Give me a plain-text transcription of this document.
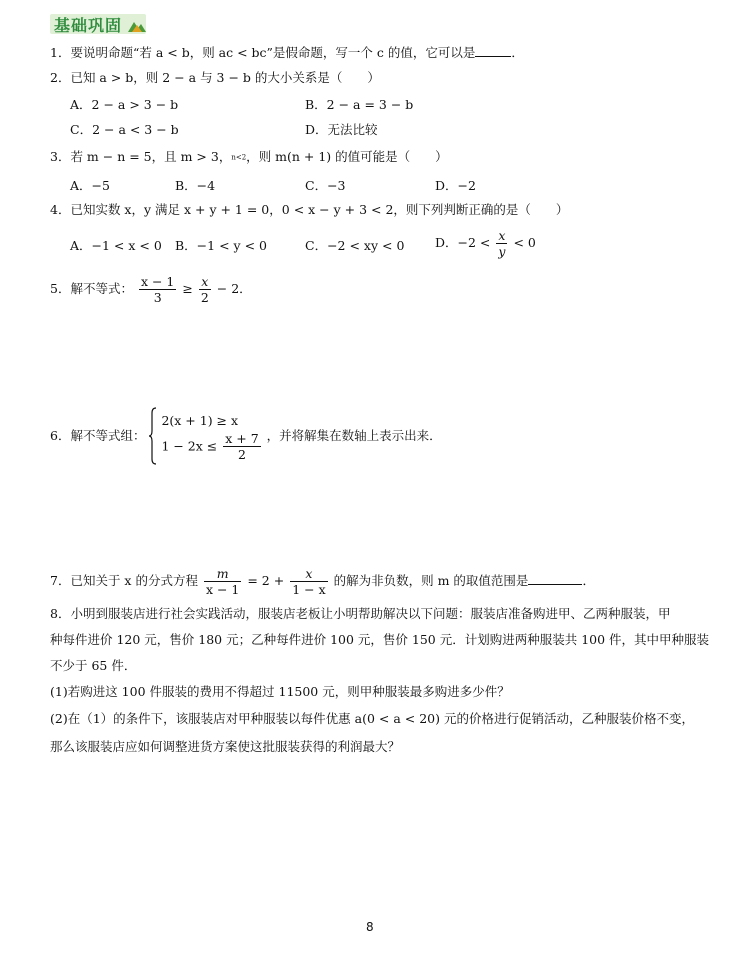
基础巩固
1．要说明命题“若 a < b，则 ac < bc”是假命题，写一个 c 的值，它可以是	．
2．已知 a > b，则 2 − a 与 3 − b 的大小关系是（　　）
A．2 − a > 3 − b	B．2 − a = 3 − b
C．2 − a < 3 − b	D．无法比较
3．若 m − n = 5，且 m > 3，n<2，则 m(n + 1) 的值可能是（　　）
A．−5	B．−4	C．−3	D．−2
4．已知实数 x，y 满足 x + y + 1 = 0，0 < x − y + 3 < 2，则下列判断正确的是（　　）
A．−1 < x < 0 B．−1 < y < 0	C．−2 < xy < 0 D．$-2 < \frac{x}{y} < 0$
5．解不等式： $\frac{x - 1}{3} \ge \frac{x}{2} - 2$．
6．解不等式组：
2(x + 1) ≥ x
$1 - 2x \le \frac{x + 7}{2}$ ，并将解集在数轴上表示出来．
7．已知关于 x 的分式方程 $\frac{m}{x - 1} = 2 + \frac{x}{1 - x}$ 的解为非负数，则 m 的取值范围是	．
8．小明到服装店进行社会实践活动，服装店老板让小明帮助解决以下问题：服装店准备购进甲、乙两种服装，甲
种每件进价 120 元，售价 180 元；乙种每件进价 100 元，售价 150 元．计划购进两种服装共 100 件，其中甲种服装
不少于 65 件．
(1)若购进这 100 件服装的费用不得超过 11500 元，则甲种服装最多购进多少件？
(2)在（1）的条件下，该服装店对甲种服装以每件优惠 a(0 < a < 20) 元的价格进行促销活动，乙种服装价格不变，
那么该服装店应如何调整进货方案使这批服装获得的利润最大？
8
